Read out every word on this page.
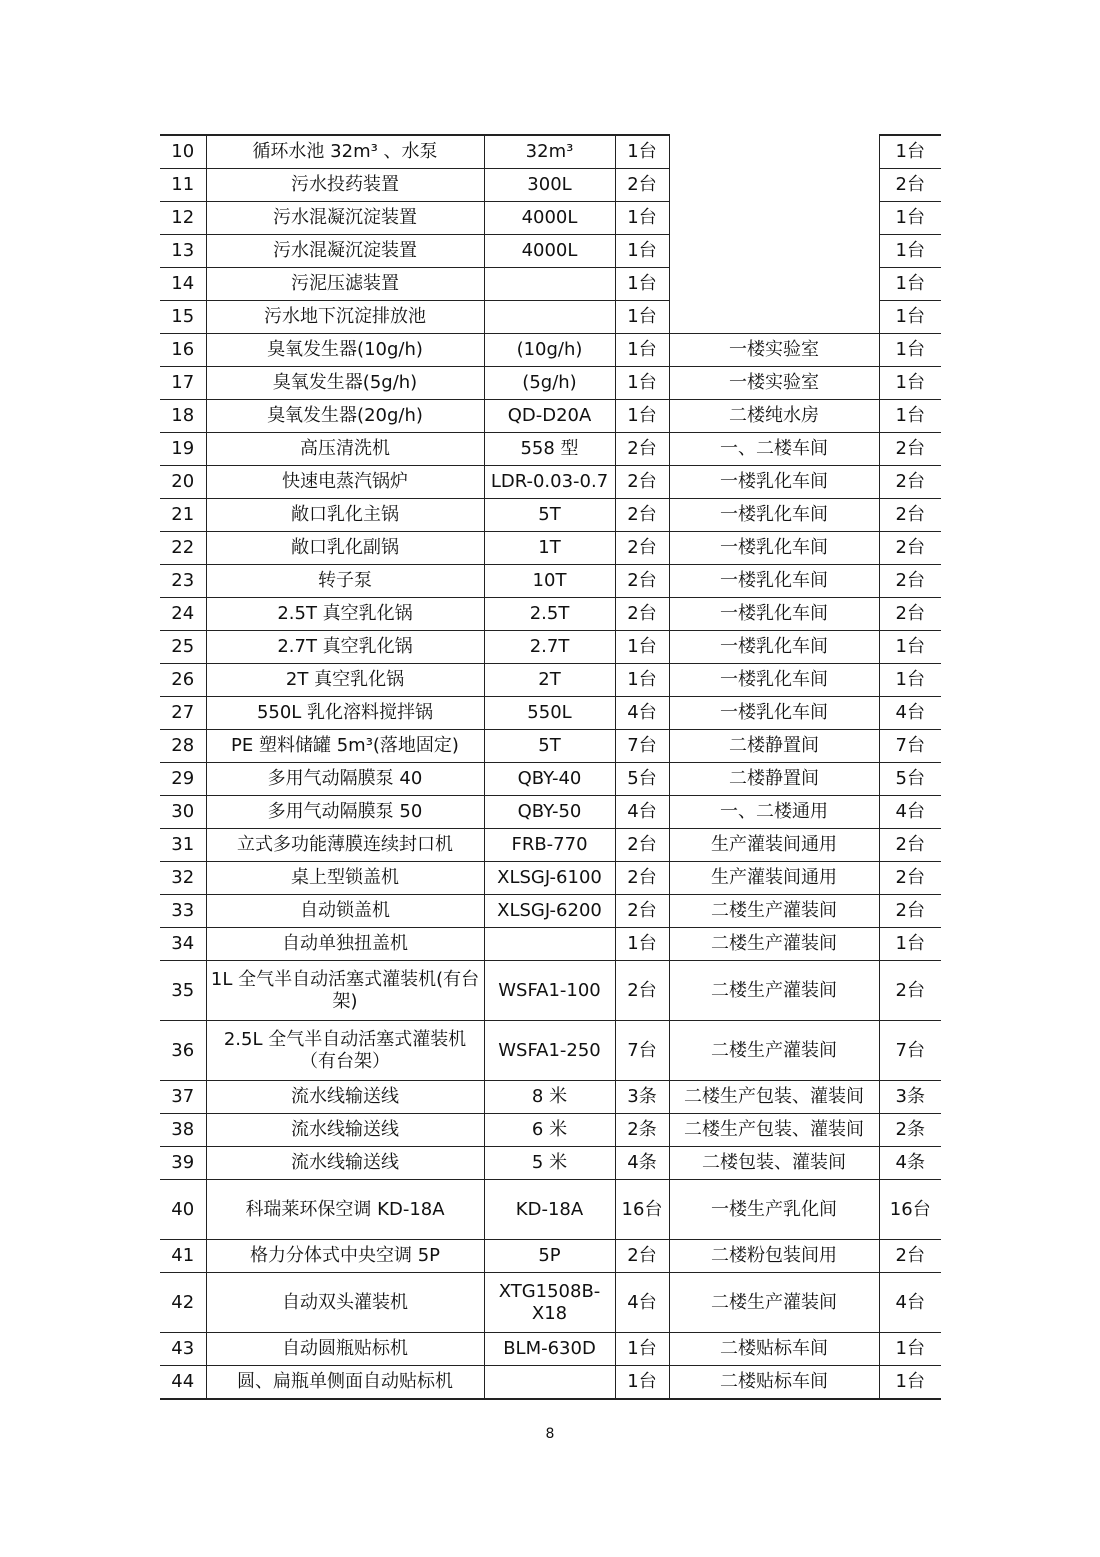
10	循环水池 32m³ 、水泵	32m³	1台		1台
11	污水投药装置	300L	2台		2台
12	污水混凝沉淀装置	4000L	1台		1台
13	污水混凝沉淀装置	4000L	1台		1台
14	污泥压滤装置		1台		1台
15	污水地下沉淀排放池		1台		1台
16	臭氧发生器(10g/h)	(10g/h)	1台	一楼实验室	1台
17	臭氧发生器(5g/h)	(5g/h)	1台	一楼实验室	1台
18	臭氧发生器(20g/h)	QD-D20A	1台	二楼纯水房	1台
19	高压清洗机	558 型	2台	一、二楼车间	2台
20	快速电蒸汽锅炉	LDR-0.03-0.7	2台	一楼乳化车间	2台
21	敞口乳化主锅	5T	2台	一楼乳化车间	2台
22	敞口乳化副锅	1T	2台	一楼乳化车间	2台
23	转子泵	10T	2台	一楼乳化车间	2台
24	2.5T 真空乳化锅	2.5T	2台	一楼乳化车间	2台
25	2.7T 真空乳化锅	2.7T	1台	一楼乳化车间	1台
26	2T 真空乳化锅	2T	1台	一楼乳化车间	1台
27	550L 乳化溶料搅拌锅	550L	4台	一楼乳化车间	4台
28	PE 塑料储罐 5m³(落地固定)	5T	7台	二楼静置间	7台
29	多用气动隔膜泵 40	QBY-40	5台	二楼静置间	5台
30	多用气动隔膜泵 50	QBY-50	4台	一、二楼通用	4台
31	立式多功能薄膜连续封口机	FRB-770	2台	生产灌装间通用	2台
32	桌上型锁盖机	XLSGJ-6100	2台	生产灌装间通用	2台
33	自动锁盖机	XLSGJ-6200	2台	二楼生产灌装间	2台
34	自动单独扭盖机		1台	二楼生产灌装间	1台
35	1L 全气半自动活塞式灌装机(有台架)	WSFA1-100	2台	二楼生产灌装间	2台
36	2.5L 全气半自动活塞式灌装机（有台架）	WSFA1-250	7台	二楼生产灌装间	7台
37	流水线输送线	8 米	3条	二楼生产包装、灌装间	3条
38	流水线输送线	6 米	2条	二楼生产包装、灌装间	2条
39	流水线输送线	5 米	4条	二楼包装、灌装间	4条
40	科瑞莱环保空调 KD-18A	KD-18A	16台	一楼生产乳化间	16台
41	格力分体式中央空调 5P	5P	2台	二楼粉包装间用	2台
42	自动双头灌装机	XTG1508B-X18	4台	二楼生产灌装间	4台
43	自动圆瓶贴标机	BLM-630D	1台	二楼贴标车间	1台
44	圆、扁瓶单侧面自动贴标机		1台	二楼贴标车间	1台
8
